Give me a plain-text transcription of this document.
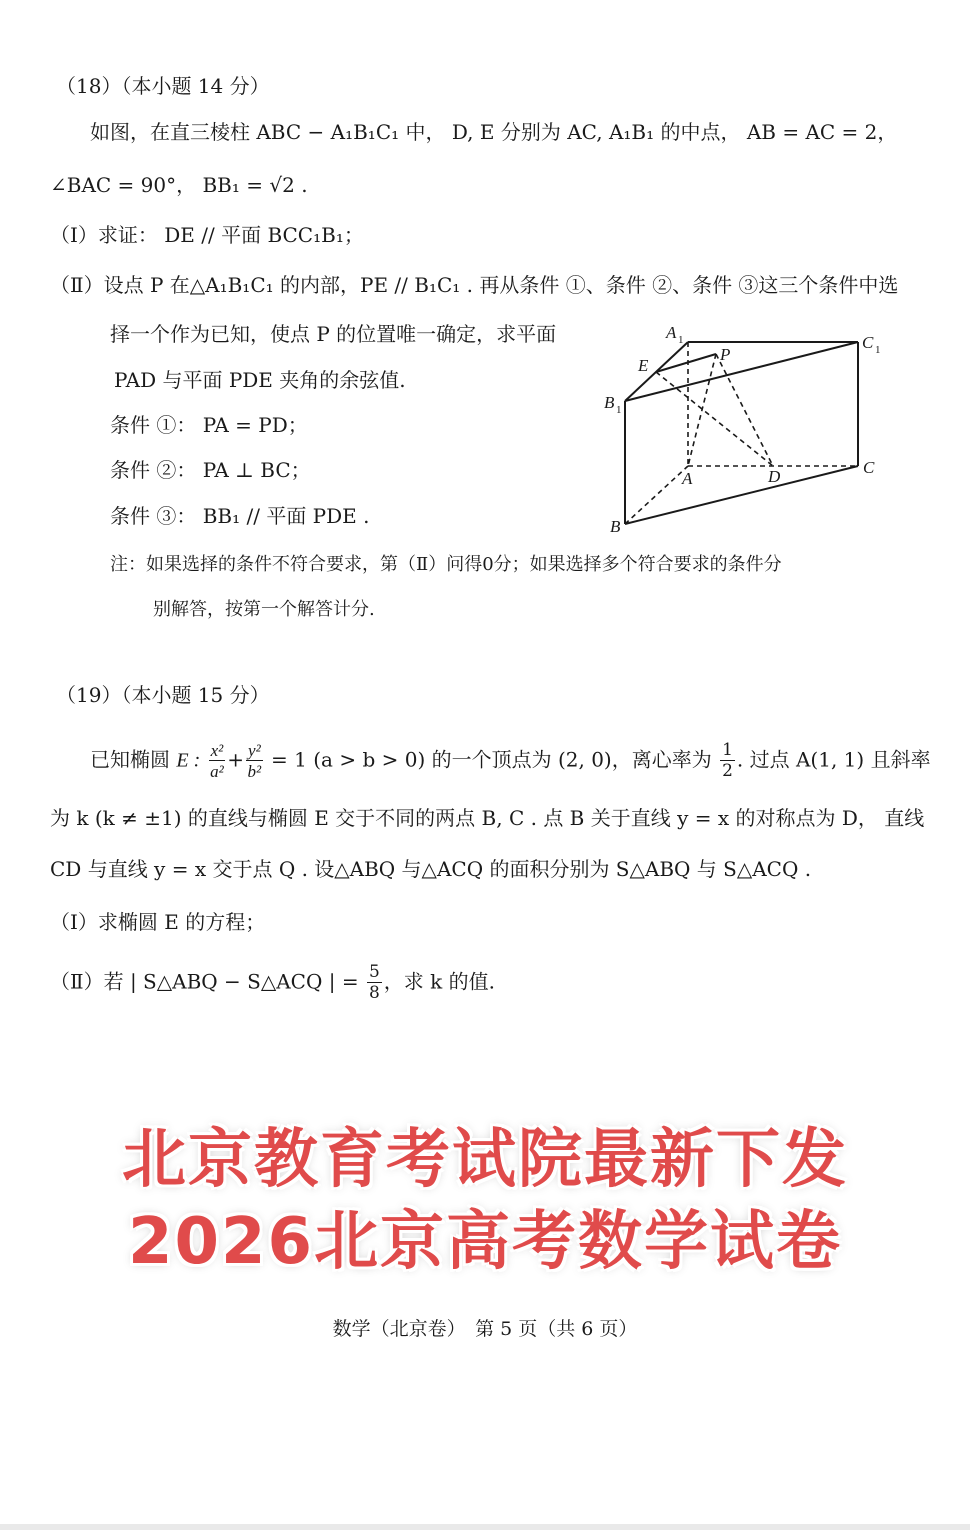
（18）（本小题 14 分）
如图，在直三棱柱 ABC − A₁B₁C₁ 中， D, E 分别为 AC, A₁B₁ 的中点， AB = AC = 2，
∠BAC = 90°， BB₁ = √2 .
（Ⅰ）求证： DE // 平面 BCC₁B₁；
（Ⅱ）设点 P 在△A₁B₁C₁ 的内部，PE // B₁C₁ . 再从条件 ①、条件 ②、条件 ③这三个条件中选
择一个作为已知，使点 P 的位置唯一确定，求平面
PAD 与平面 PDE 夹角的余弦值.
条件 ①： PA = PD；
条件 ②： PA ⊥ BC；
条件 ③： BB₁ // 平面 PDE .
注：如果选择的条件不符合要求，第（Ⅱ）问得0分；如果选择多个符合要求的条件分
别解答，按第一个解答计分.
A 1
B 1
C 1
E
P
A	D	C
B
（19）（本小题 15 分）
已知椭圆 E : $\frac{\text{x²}}{\text{a²}} + \frac{\text{y²}}{\text{b²}} = 1$ (a > b > 0) 的一个顶点为 (2, 0)，离心率为 $\frac{1}{2}$ . 过点 A(1, 1) 且斜率
为 k (k ≠ ±1) 的直线与椭圆 E 交于不同的两点 B, C . 点 B 关于直线 y = x 的对称点为 D， 直线
CD 与直线 y = x 交于点 Q . 设△ABQ 与△ACQ 的面积分别为 S△ABQ 与 S△ACQ .
（Ⅰ）求椭圆 E 的方程；
（Ⅱ）若 | S△ABQ − S△ACQ | = $\frac{5}{8}$ ，求 k 的值.
北京教育考试院最新下发
2026北京高考数学试卷
数学（北京卷）　第 5 页（共 6 页）
